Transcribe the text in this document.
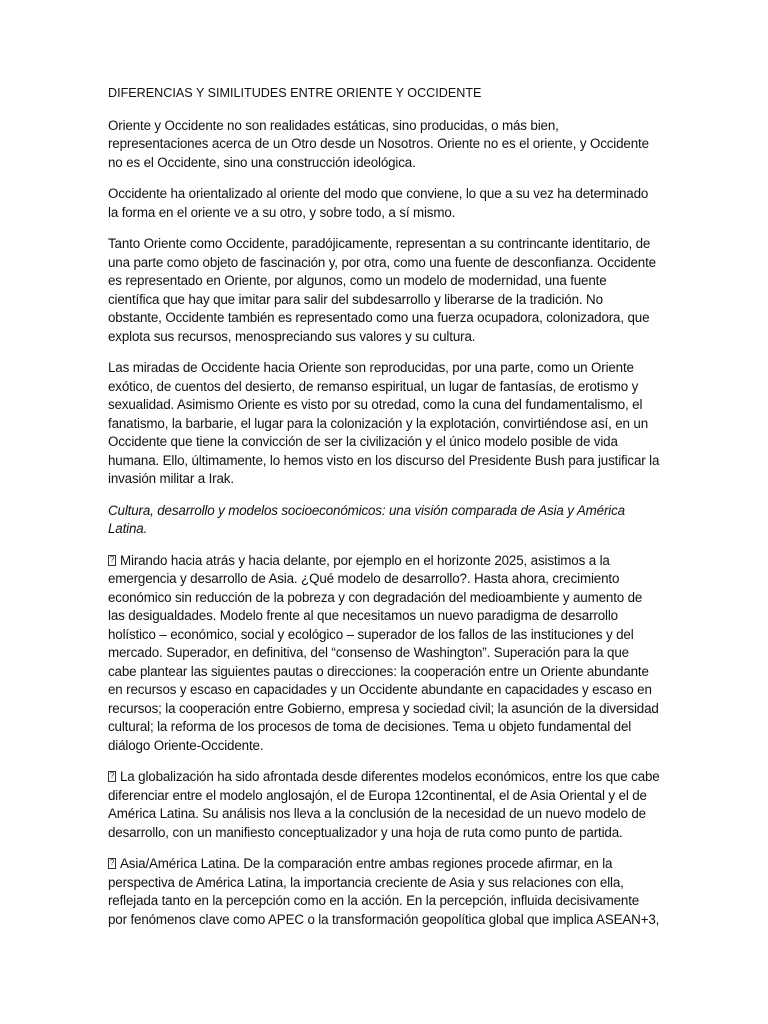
DIFERENCIAS Y SIMILITUDES ENTRE ORIENTE Y OCCIDENTE

Oriente y Occidente no son realidades estáticas, sino producidas, o más bien, representaciones acerca de un Otro desde un Nosotros. Oriente no es el oriente, y Occidente no es el Occidente, sino una construcción ideológica.

Occidente ha orientalizado al oriente del modo que conviene, lo que a su vez ha determinado la forma en el oriente ve a su otro, y sobre todo, a sí mismo.

Tanto Oriente como Occidente, paradójicamente, representan a su contrincante identitario, de una parte como objeto de fascinación y, por otra, como una fuente de desconfianza. Occidente es representado en Oriente, por algunos, como un modelo de modernidad, una fuente científica que hay que imitar para salir del subdesarrollo y liberarse de la tradición. No obstante, Occidente también es representado como una fuerza ocupadora, colonizadora, que explota sus recursos, menospreciando sus valores y su cultura.

Las miradas de Occidente hacia Oriente son reproducidas, por una parte, como un Oriente exótico, de cuentos del desierto, de remanso espiritual, un lugar de fantasías, de erotismo y sexualidad. Asimismo Oriente es visto por su otredad, como la cuna del fundamentalismo, el fanatismo, la barbarie, el lugar para la colonización y la explotación, convirtiéndose así, en un Occidente que tiene la convicción de ser la civilización y el único modelo posible de vida humana. Ello, últimamente, lo hemos visto en los discurso del Presidente Bush para justificar la invasión militar a Irak.

Cultura, desarrollo y modelos socioeconómicos: una visión comparada de Asia y América Latina.

?Mirando hacia atrás y hacia delante, por ejemplo en el horizonte 2025, asistimos a la emergencia y desarrollo de Asia. ¿Qué modelo de desarrollo?. Hasta ahora, crecimiento económico sin reducción de la pobreza y con degradación del medioambiente y aumento de las desigualdades. Modelo frente al que necesitamos un nuevo paradigma de desarrollo holístico – económico, social y ecológico – superador de los fallos de las instituciones y del mercado. Superador, en definitiva, del “consenso de Washington”. Superación para la que cabe plantear las siguientes pautas o direcciones: la cooperación entre un Oriente abundante en recursos y escaso en capacidades y un Occidente abundante en capacidades y escaso en recursos; la cooperación entre Gobierno, empresa y sociedad civil; la asunción de la diversidad cultural; la reforma de los procesos de toma de decisiones. Tema u objeto fundamental del diálogo Oriente-Occidente.

?La globalización ha sido afrontada desde diferentes modelos económicos, entre los que cabe diferenciar entre el modelo anglosajón, el de Europa 12continental, el de Asia Oriental y el de América Latina. Su análisis nos lleva a la conclusión de la necesidad de un nuevo modelo de desarrollo, con un manifiesto conceptualizador y una hoja de ruta como punto de partida.

?Asia/América Latina. De la comparación entre ambas regiones procede afirmar, en la perspectiva de América Latina, la importancia creciente de Asia y sus relaciones con ella, reflejada tanto en la percepción como en la acción. En la percepción, influida decisivamente por fenómenos clave como APEC o la transformación geopolítica global que implica ASEAN+3,
